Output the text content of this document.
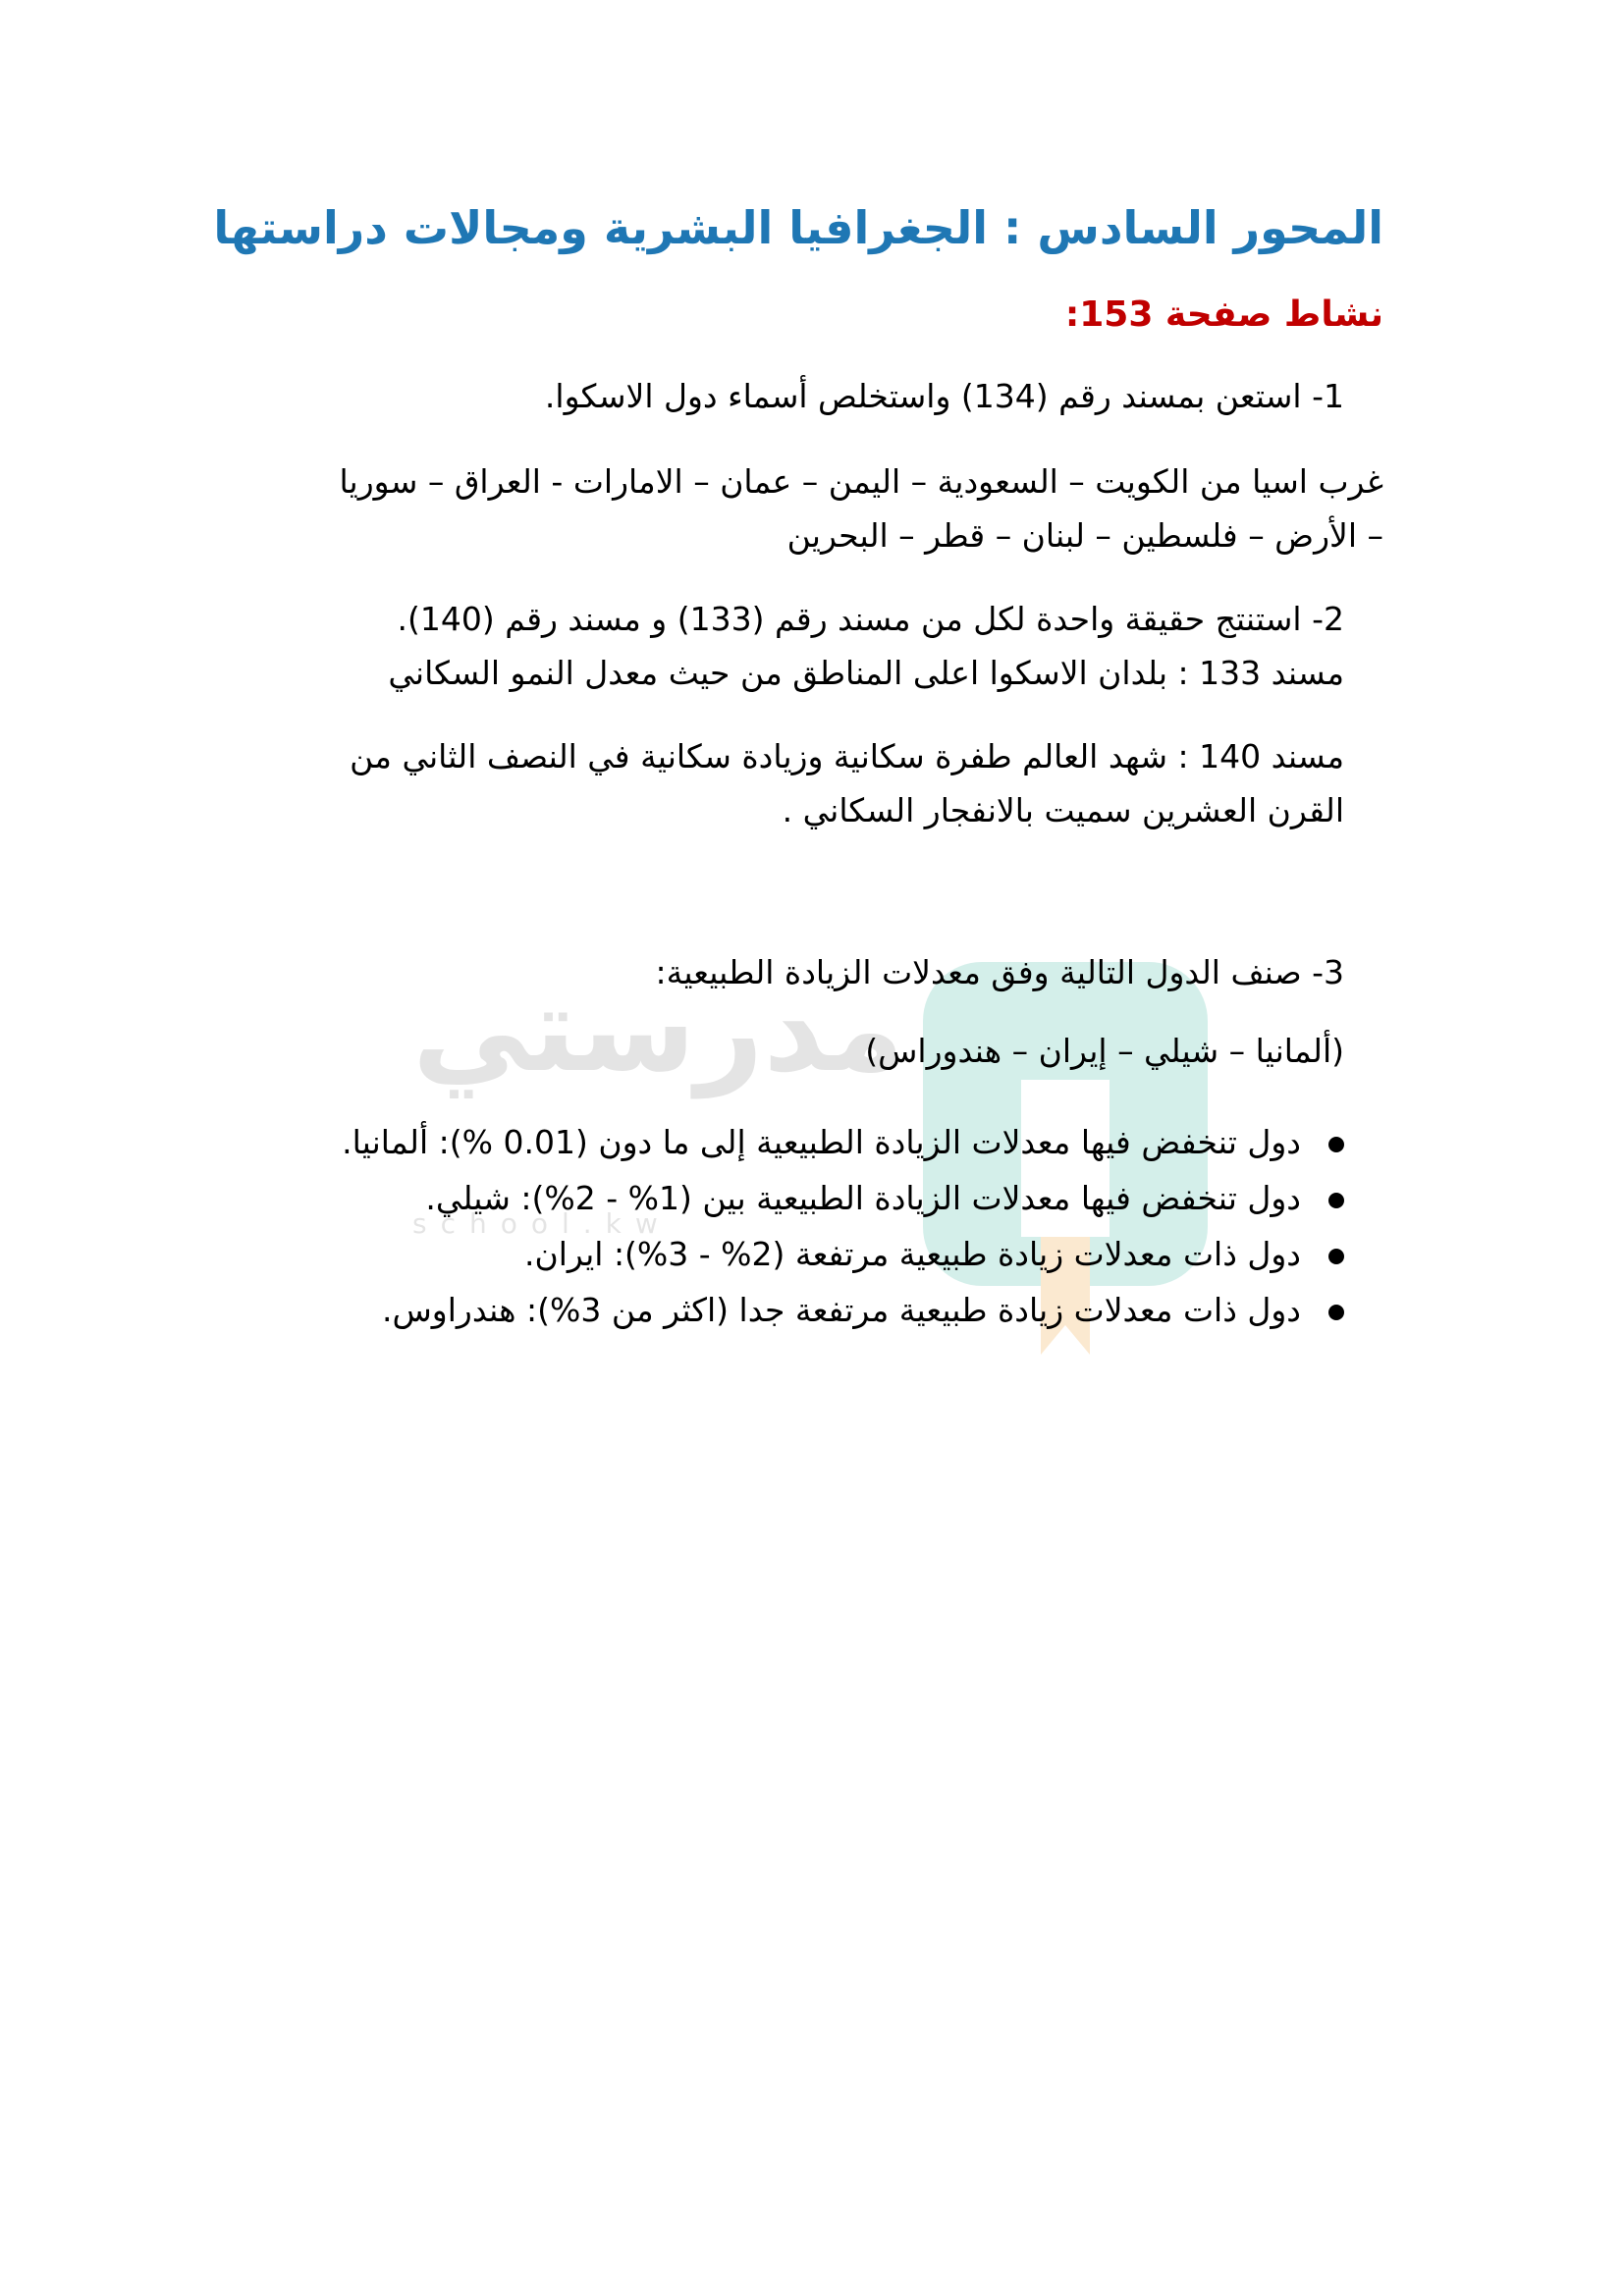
مدرستي
school.kw
المحور السادس : الجغرافيا البشرية ومجالات دراستها
نشاط صفحة 153:
1- استعن بمسند رقم (134) واستخلص أسماء دول الاسكوا.
غرب اسيا من الكويت – السعودية – اليمن – عمان – الامارات - العراق – سوريا
– الأرض – فلسطين – لبنان – قطر – البحرين
2- استنتج حقيقة واحدة لكل من مسند رقم (133) و مسند رقم (140).
مسند 133 : بلدان الاسكوا اعلى المناطق من حيث معدل النمو السكاني
مسند 140 : شهد العالم طفرة سكانية وزيادة سكانية في النصف الثاني من
القرن العشرين سميت بالانفجار السكاني .
3- صنف الدول التالية وفق معدلات الزيادة الطبيعية:
(ألمانيا – شيلي – إيران – هندوراس)
دول تنخفض فيها معدلات الزيادة الطبيعية إلى ما دون (0.01 %): ألمانيا.
دول تنخفض فيها معدلات الزيادة الطبيعية بين (1% - 2%): شيلي.
دول ذات معدلات زيادة طبيعية مرتفعة (2% - 3%): ايران.
دول ذات معدلات زيادة طبيعية مرتفعة جدا (اكثر من 3%): هندراوس.
